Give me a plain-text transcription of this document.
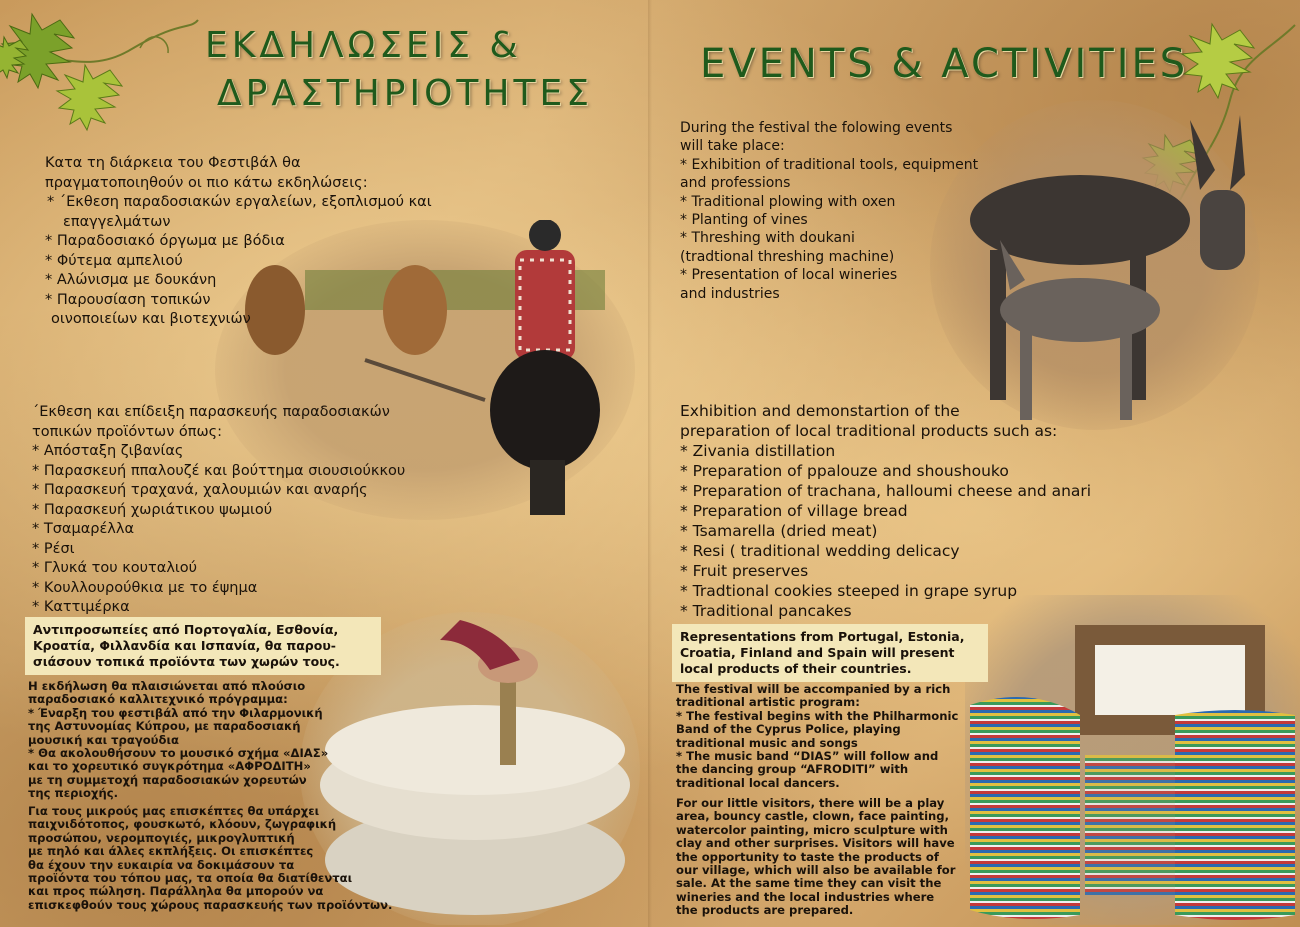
ΕΚΔΗΛΩΣΕΙΣ &
ΔΡΑΣΤΗΡΙΟΤΗΤΕΣ
EVENTS & ACTIVITIES

Κατα τη διάρκεια του Φεστιβάλ θα

πραγματοποιηθούν οι πιο κάτω εκδηλώσεις:

* ΄Εκθεση παραδοσιακών εργαλείων, εξοπλισμού και

επαγγελμάτων

* Παραδοσιακό όργωμα με βόδια

* Φύτεμα αμπελιού

* Αλώνισμα με δουκάνη

* Παρουσίαση τοπικών

οινοποιείων και βιοτεχνιών

΄Εκθεση και επίδειξη παρασκευής παραδοσιακών

τοπικών προϊόντων όπως:

* Απόσταξη ζιβανίας

* Παρασκευή ππαλουζέ και βούττημα σιουσιούκκου

* Παρασκευή τραχανά, χαλουμιών και αναρής

* Παρασκευή χωριάτικου ψωμιού

* Τσαμαρέλλα

* Ρέσι

* Γλυκά του κουταλιού

* Κουλλουρούθκια με το έψημα

* Καττιμέρκα

Αντιπροσωπείες από Πορτογαλία, Εσθονία,

Κροατία, Φιλλανδία και Ισπανία, θα παρου-

σιάσουν τοπικά προϊόντα των χωρών τους.

Η εκδήλωση θα πλαισιώνεται από πλούσιο

παραδοσιακό καλλιτεχνικό πρόγραμμα:

* Έναρξη του φεστιβάλ από την Φιλαρμονική

της Αστυνομίας Κύπρου, με παραδοσιακή

μουσική και τραγούδια

* Θα ακολουθήσουν το μουσικό σχήμα «ΔΙΑΣ»

και το χορευτικό συγκρότημα «ΑΦΡΟΔΙΤΗ»

με τη συμμετοχή παραδοσιακών χορευτών

της περιοχής.

Για τους μικρούς μας επισκέπτες θα υπάρχει

παιχνιδότοπος, φουσκωτό, κλόουν, ζωγραφική

προσώπου, νερομπογιές, μικρογλυπτική

με πηλό και άλλες εκπλήξεις. Οι επισκέπτες

θα έχουν την ευκαιρία να δοκιμάσουν τα

προϊόντα του τόπου μας, τα οποία θα διατίθενται

και προς πώληση. Παράλληλα θα μπορούν να

επισκεφθούν τους χώρους παρασκευής των προϊόντων.

During the festival the folowing events

will take place:

* Exhibition of traditional tools, equipment

and professions

* Traditional plowing with oxen

* Planting of vines

* Threshing with doukani

(tradtional threshing machine)

* Presentation of local wineries

and industries

Exhibition and demonstartion of the

preparation of local traditional products such as:

* Zivania distillation

* Preparation of ppalouze and shoushouko

* Preparation of trachana, halloumi cheese and anari

* Preparation of village bread

* Tsamarella (dried meat)

* Resi ( traditional wedding delicacy

* Fruit preserves

* Tradtional cookies steeped in grape syrup

* Traditional pancakes

Representations from Portugal, Estonia,

Croatia, Finland and Spain will present

local products of their countries.

The festival will be accompanied by a rich

traditional artistic program:

* The festival begins with the Philharmonic

Band of the Cyprus Police, playing

traditional music and songs

* The music band “DIAS” will follow and

the dancing group “AFRODITI” with

traditional local dancers.

For our little visitors, there will be a play

area, bouncy castle, clown, face painting,

watercolor painting, micro sculpture with

clay and other surprises. Visitors will have

the opportunity to taste the products of

our village, which will also be available for

sale. At the same time they can visit the

wineries and the local industries where

the products are prepared.
